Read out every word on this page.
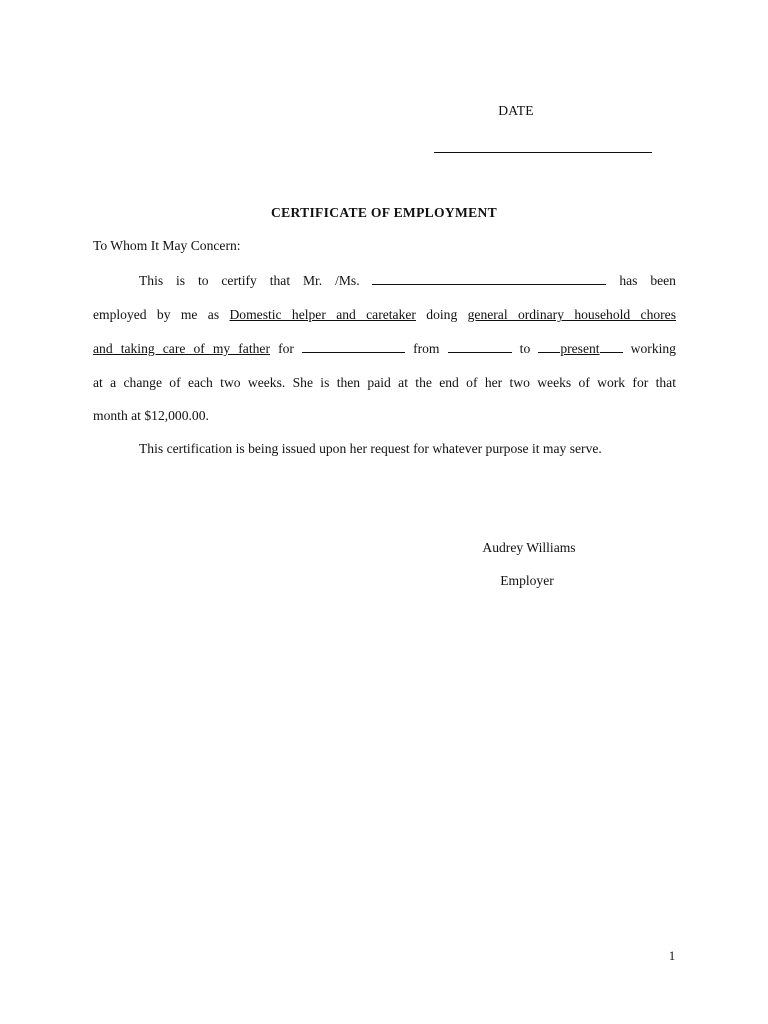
DATE
CERTIFICATE OF EMPLOYMENT
To Whom It May Concern:
This is to certify that Mr. /Ms.	has been
employed by me as Domestic helper and caretaker doing general ordinary household chores
and taking care of my father for	from	to present working
at a change of each two weeks. She is then paid at the end of her two weeks of work for that
month at $12,000.00.
This certification is being issued upon her request for whatever purpose it may serve.
Audrey Williams
Employer
1
